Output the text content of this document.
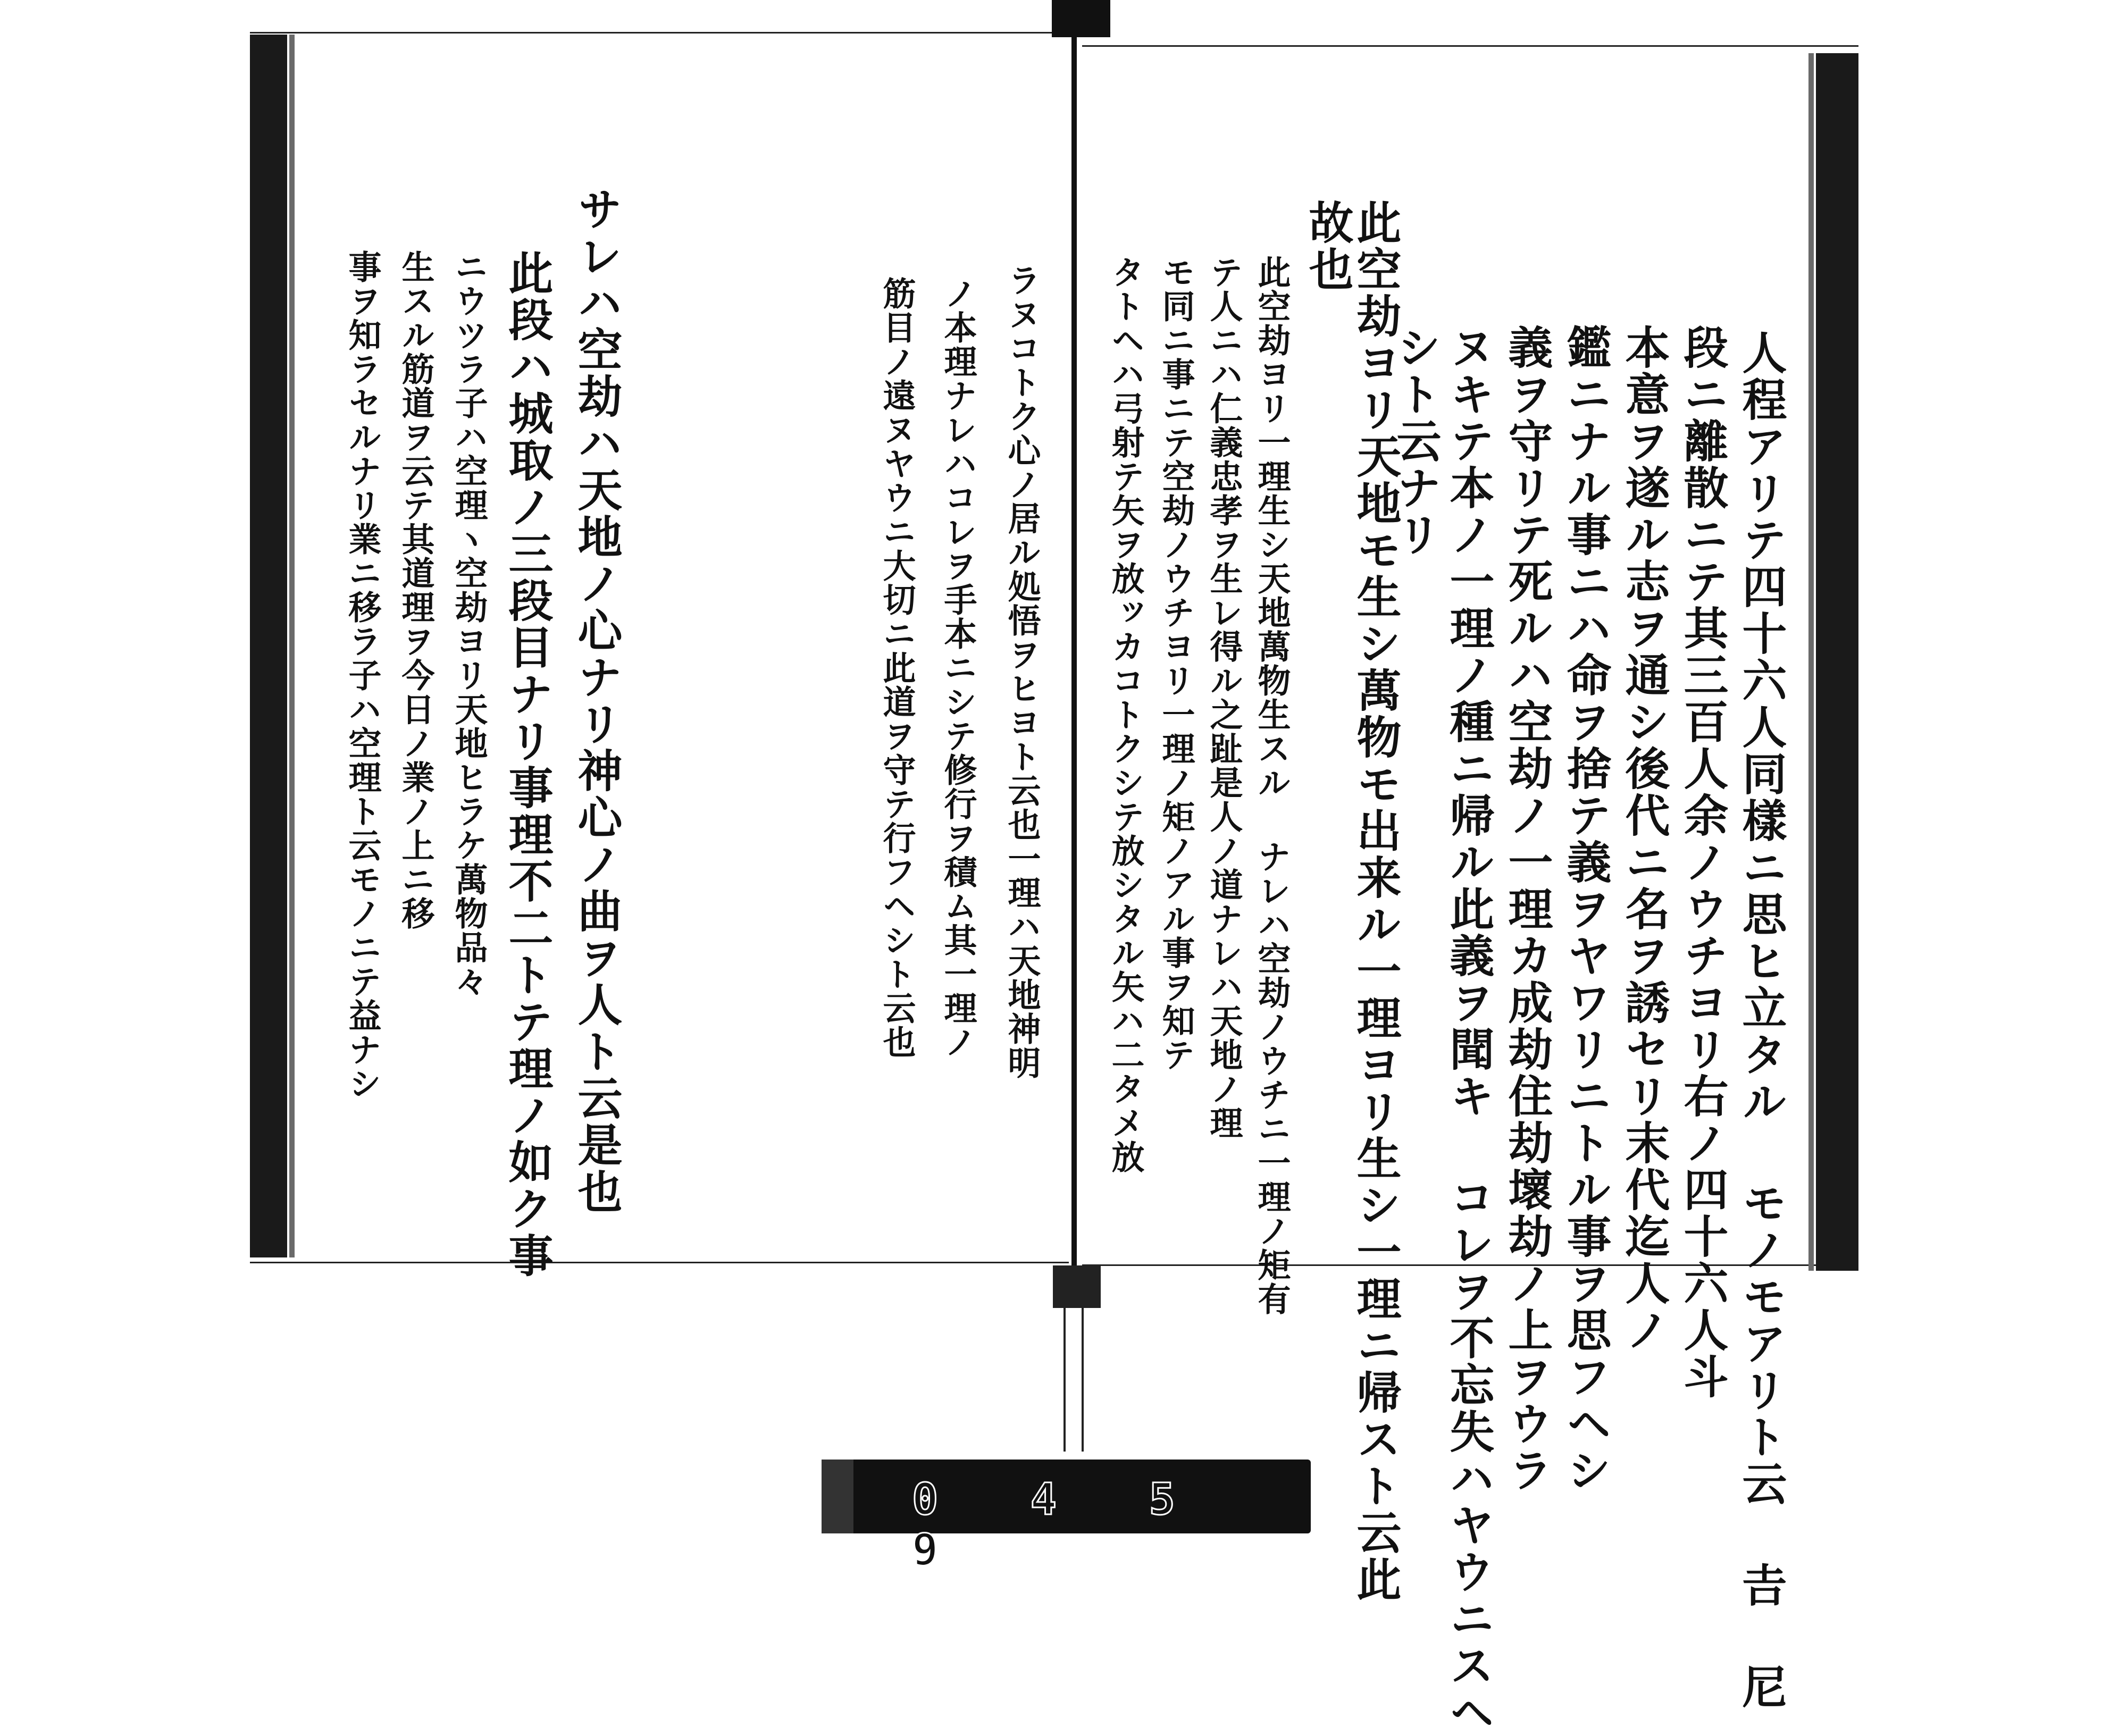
人程アリテ四十六人同樣ニ思ヒ立タル モノモアリト云 𠮷 尼
段ニ離散ニテ其三百人余ノウチヨリ右ノ四十六人斗
本意ヲ遂ル志ヲ通シ後代ニ名ヲ誘セリ末代迄人ノ
鑑ニナル事ニハ命ヲ捨テ義ヲヤワリニトル事ヲ思フヘシ
義ヲ守リテ死ルハ空劫ノ一理カ成劫住劫壞劫ノ上ヲウラ
ヌキテ本ノ一理ノ種ニ帰ル此義ヲ聞キ コレヲ不忘失ハヤウニスヘ
シト云ナリ
此空劫ヨリ天地モ生シ萬物モ出来ル一理ヨリ生シ一理ニ帰スト云此
故也
此空劫ヨリ一理生シ天地萬物生スル ナレハ空劫ノウチニ一理ノ矩有
テ人ニハ仁義忠孝ヲ生レ得ル之趾是人ノ道ナレハ天地ノ理
モ同ニ事ニテ空劫ノウチヨリ一理ノ矩ノアル事ヲ知テ
タトヘハ弓射テ矢ヲ放ッカコトクシテ放シタル矢ハ二タメ放
ラヌコトク心ノ居ル処悟ヲヒヨト云也一理ハ天地神明
ノ本理ナレハコレヲ手本ニシテ修行ヲ積ム其一理ノ
筋目ノ遠ヌヤウニ大切ニ此道ヲ守テ行フヘシト云也
サレハ空劫ハ天地ノ心ナリ神心ノ曲ヲ人ト云是也
此段ハ城取ノ三段目ナリ事理不二トテ理ノ如ク事
ニウツラ子ハ空理ヽ空劫ヨリ天地ヒラケ萬物品々
生スル筋道ヲ云テ其道理ヲ今日ノ業ノ上ニ移
事ヲ知ラセルナリ業ニ移ラ子ハ空理ト云モノニテ益ナシ
0 4 5 9
